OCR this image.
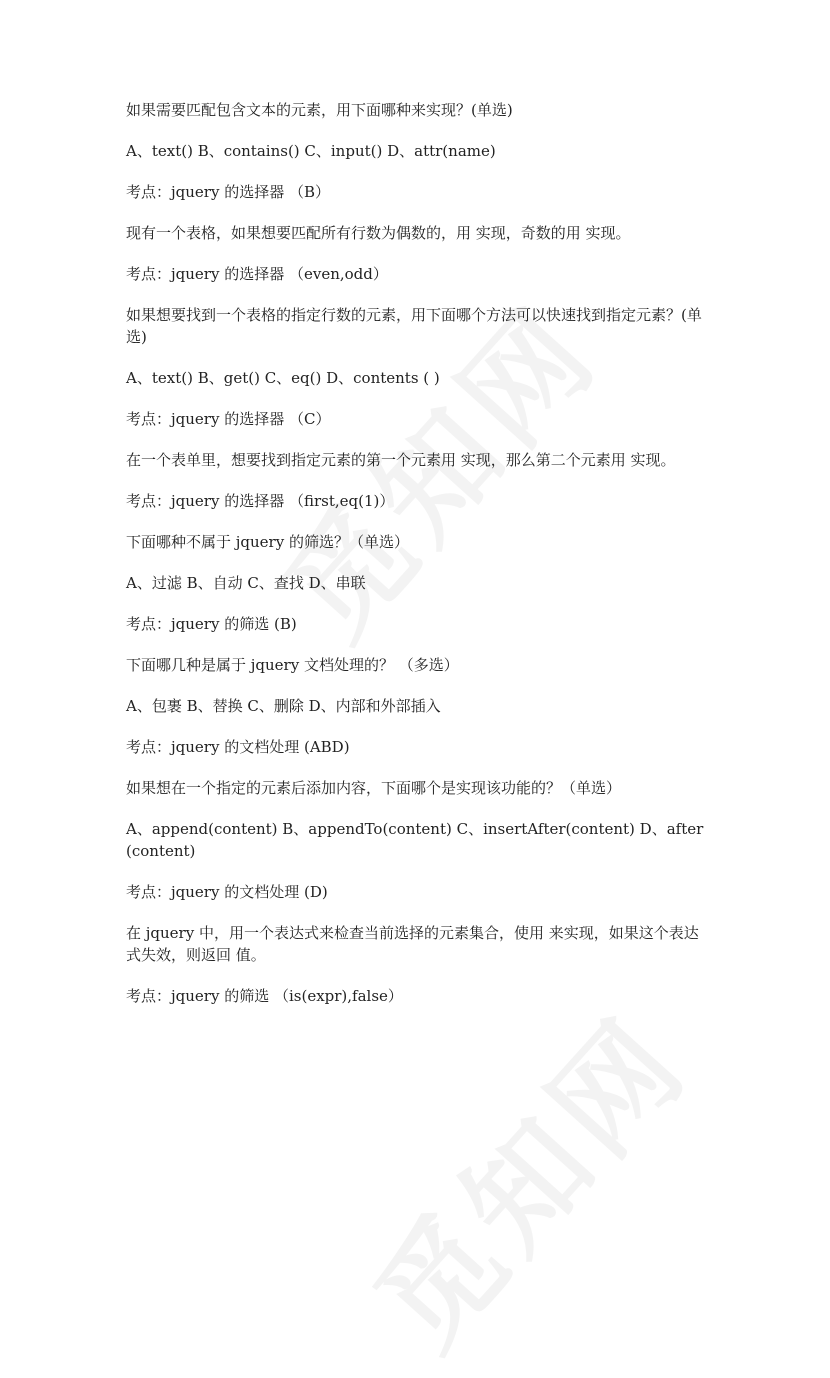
如果需要匹配包含文本的元素，用下面哪种来实现？(单选)

A、text() B、contains() C、input() D、attr(name)

考点：jquery 的选择器 （B）

现有一个表格，如果想要匹配所有行数为偶数的，用 实现，奇数的用 实现。

考点：jquery 的选择器 （even,odd）

如果想要找到一个表格的指定行数的元素，用下面哪个方法可以快速找到指定元素？(单选)

A、text() B、get() C、eq() D、contents ( )

考点：jquery 的选择器 （C）

在一个表单里，想要找到指定元素的第一个元素用 实现，那么第二个元素用 实现。

考点：jquery 的选择器 （first,eq(1)）

下面哪种不属于 jquery 的筛选？（单选）

A、过滤 B、自动 C、查找 D、串联

考点：jquery 的筛选 (B)

下面哪几种是属于 jquery 文档处理的？ （多选）

A、包裹 B、替换 C、删除 D、内部和外部插入

考点：jquery 的文档处理 (ABD)

如果想在一个指定的元素后添加内容，下面哪个是实现该功能的？（单选）

A、append(content) B、appendTo(content) C、insertAfter(content) D、after(content)

考点：jquery 的文档处理 (D)

在 jquery 中，用一个表达式来检查当前选择的元素集合，使用 来实现，如果这个表达式失效，则返回 值。

考点：jquery 的筛选 （is(expr),false）
